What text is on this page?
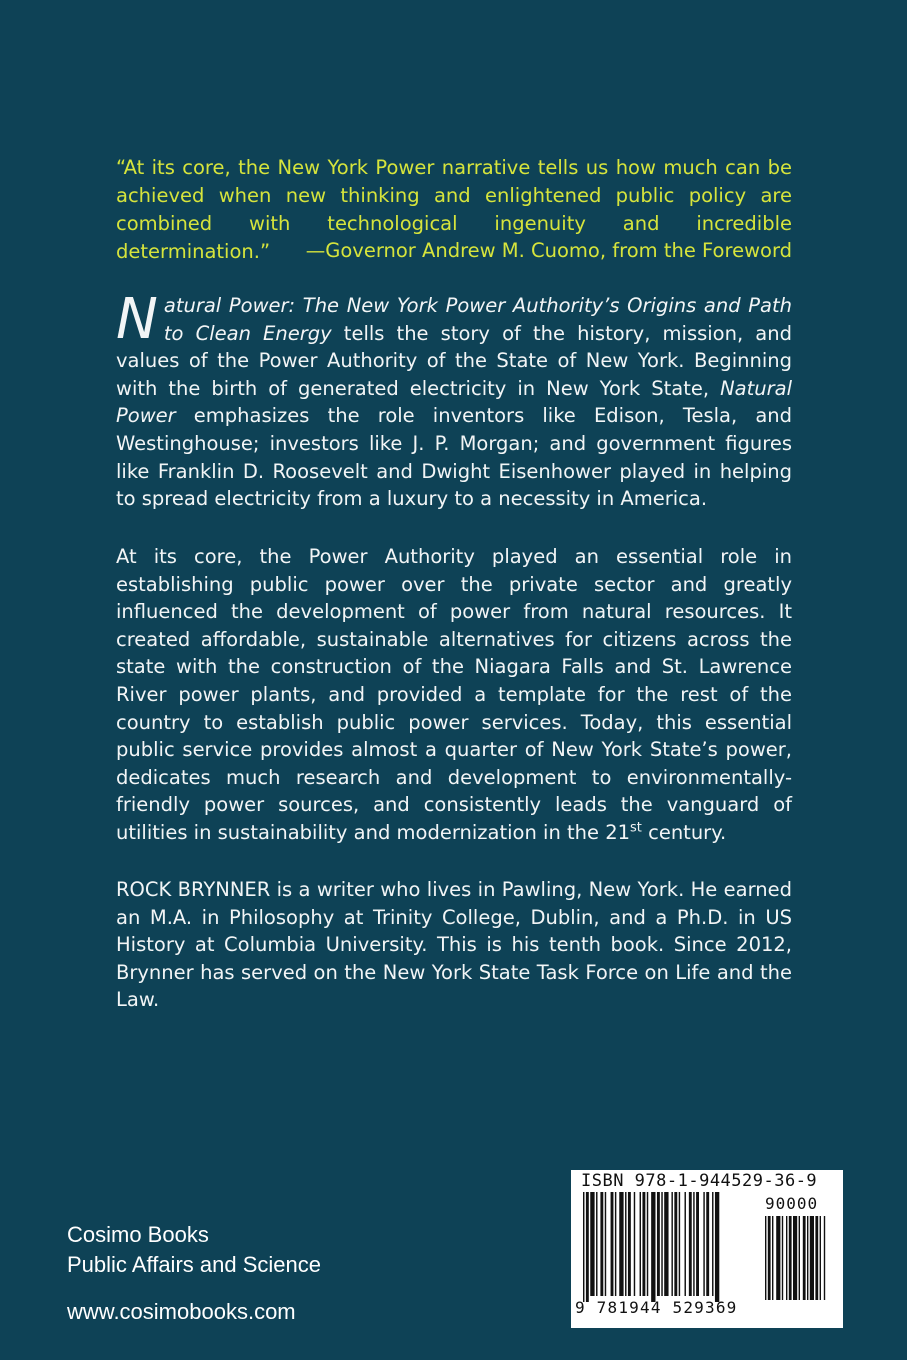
“At its core, the New York Power narrative tells us how much can be achieved when new thinking and enlightened public policy are combined with technological ingenuity and incredible determination.”	—Governor Andrew M. Cuomo, from the Foreword

Natural Power: The New York Power Authority’s Origins and Path to Clean Energy tells the story of the history, mission, and values of the Power Authority of the State of New York. Beginning with the birth of generated electricity in New York State, Natural Power emphasizes the role inventors like Edison, Tesla, and Westinghouse; investors like J. P. Morgan; and government figures like Franklin D. Roosevelt and Dwight Eisenhower played in helping to spread electricity from a luxury to a necessity in America.

At its core, the Power Authority played an essential role in establishing public power over the private sector and greatly influenced the development of power from natural resources. It created affordable, sustainable alternatives for citizens across the state with the construction of the Niagara Falls and St. Lawrence River power plants, and provided a template for the rest of the country to establish public power services. Today, this essential public service provides almost a quarter of New York State’s power, dedicates much research and development to environmentally-friendly power sources, and consistently leads the vanguard of utilities in sustainability and modernization in the 21st century.

ROCK BRYNNER is a writer who lives in Pawling, New York. He earned an M.A. in Philosophy at Trinity College, Dublin, and a Ph.D. in US History at Columbia University. This is his tenth book. Since 2012, Brynner has served on the New York State Task Force on Life and the Law.

Cosimo Books
Public Affairs and Science
www.cosimobooks.com
ISBN 978-1-944529-36-9
90000
9 781944 529369
